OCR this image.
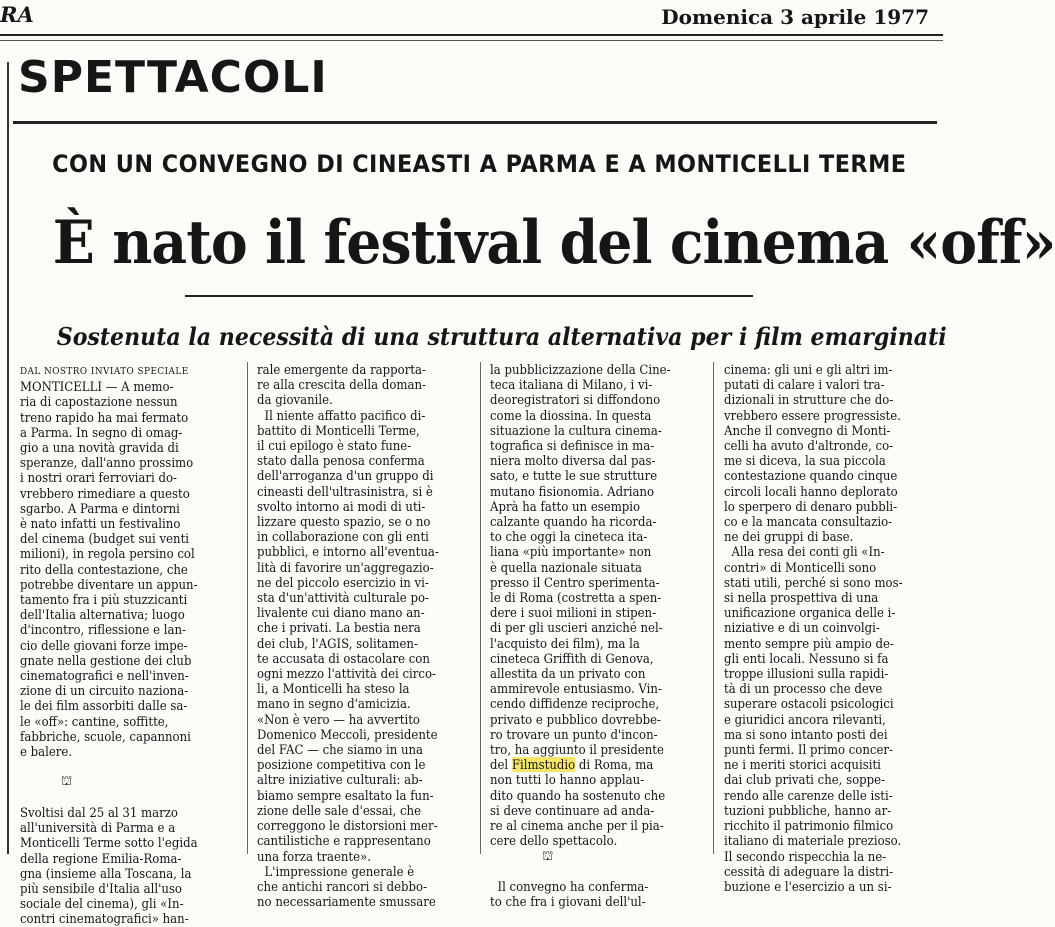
RA	Domenica 3 aprile 1977
SPETTACOLI
CON UN CONVEGNO DI CINEASTI A PARMA E A MONTICELLI TERME
È nato il festival del cinema «off»
Sostenuta la necessità di una struttura alternativa per i film emarginati
DAL NOSTRO INVIATO SPECIALE
MONTICELLI — A memo-
ria di capostazione nessun
treno rapido ha mai fermato
a Parma. In segno di omag-
gio a una novità gravida di
speranze, dall'anno prossimo
i nostri orari ferroviari do-
vrebbero rimediare a questo
sgarbo. A Parma e dintorni
è nato infatti un festivalino
del cinema (budget sui venti
milioni), in regola persino col
rito della contestazione, che
potrebbe diventare un appun-
tamento fra i più stuzzicanti
dell'Italia alternativa; luogo
d'incontro, riflessione e lan-
cio delle giovani forze impe-
gnate nella gestione dei club
cinematografici e nell'inven-
zione di un circuito naziona-
le dei film assorbiti dalle sa-
le «off»: cantine, soffitte,
fabbriche, scuole, capannoni
e balere.

⛫

Svoltisi dal 25 al 31 marzo
all'università di Parma e a
Monticelli Terme sotto l'egida
della regione Emilia-Roma-
gna (insieme alla Toscana, la
più sensibile d'Italia all'uso
sociale del cinema), gli «In-
contri cinematografici» han-
rale emergente da rapporta-
re alla crescita della doman-
da giovanile.
Il niente affatto pacifico di-
battito di Monticelli Terme,
il cui epilogo è stato fune-
stato dalla penosa conferma
dell'arroganza d'un gruppo di
cineasti dell'ultrasinistra, si è
svolto intorno ai modi di uti-
lizzare questo spazio, se o no
in collaborazione con gli enti
pubblici, e intorno all'eventua-
lità di favorire un'aggregazio-
ne del piccolo esercizio in vi-
sta d'un'attività culturale po-
livalente cui diano mano an-
che i privati. La bestia nera
dei club, l'AGIS, solitamen-
te accusata di ostacolare con
ogni mezzo l'attività dei circo-
li, a Monticelli ha steso la
mano in segno d'amicizia.
«Non è vero — ha avvertito
Domenico Meccoli, presidente
del FAC — che siamo in una
posizione competitiva con le
altre iniziative culturali: ab-
biamo sempre esaltato la fun-
zione delle sale d'essai, che
correggono le distorsioni mer-
cantilistiche e rappresentano
una forza traente».
L'impressione generale è
che antichi rancori si debbo-
no necessariamente smussare
la pubblicizzazione della Cine-
teca italiana di Milano, i vi-
deoregistratori si diffondono
come la diossina. In questa
situazione la cultura cinema-
tografica si definisce in ma-
niera molto diversa dal pas-
sato, e tutte le sue strutture
mutano fisionomia. Adriano
Aprà ha fatto un esempio
calzante quando ha ricorda-
to che oggi la cineteca ita-
liana «più importante» non
è quella nazionale situata
presso il Centro sperimenta-
le di Roma (costretta a spen-
dere i suoi milioni in stipen-
di per gli uscieri anziché nel-
l'acquisto dei film), ma la
cineteca Griffith di Genova,
allestita da un privato con
ammirevole entusiasmo. Vin-
cendo diffidenze reciproche,
privato e pubblico dovrebbe-
ro trovare un punto d'incon-
tro, ha aggiunto il presidente
del Filmstudio di Roma, ma
non tutti lo hanno applau-
dito quando ha sostenuto che
si deve continuare ad anda-
re al cinema anche per il pia-
cere dello spettacolo.

⛫

Il convegno ha conferma-
to che fra i giovani dell'ul-
cinema: gli uni e gli altri im-
putati di calare i valori tra-
dizionali in strutture che do-
vrebbero essere progressiste.
Anche il convegno di Monti-
celli ha avuto d'altronde, co-
me si diceva, la sua piccola
contestazione quando cinque
circoli locali hanno deplorato
lo sperpero di denaro pubbli-
co e la mancata consultazio-
ne dei gruppi di base.
Alla resa dei conti gli «In-
contri» di Monticelli sono
stati utili, perché si sono mos-
si nella prospettiva di una
unificazione organica delle i-
niziative e di un coinvolgi-
mento sempre più ampio de-
gli enti locali. Nessuno si fa
troppe illusioni sulla rapidi-
tà di un processo che deve
superare ostacoli psicologici
e giuridici ancora rilevanti,
ma si sono intanto posti dei
punti fermi. Il primo concer-
ne i meriti storici acquisiti
dai club privati che, soppe-
rendo alle carenze delle isti-
tuzioni pubbliche, hanno ar-
ricchito il patrimonio filmico
italiano di materiale prezioso.
Il secondo rispecchia la ne-
cessità di adeguare la distri-
buzione e l'esercizio a un si-
